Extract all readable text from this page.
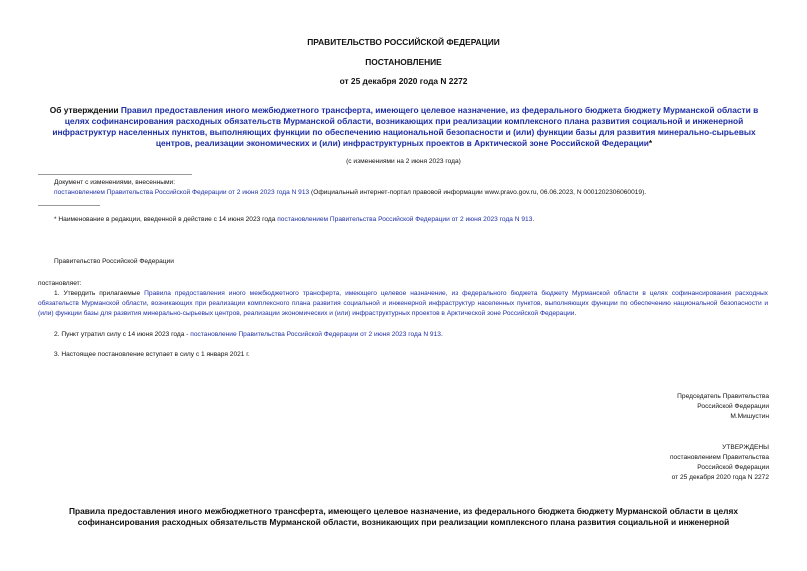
ПРАВИТЕЛЬСТВО РОССИЙСКОЙ ФЕДЕРАЦИИ
ПОСТАНОВЛЕНИЕ
от 25 декабря 2020 года N 2272
Об утверждении Правил предоставления иного межбюджетного трансферта, имеющего целевое назначение, из федерального бюджета бюджету Мурманской области в целях софинансирования расходных обязательств Мурманской области, возникающих при реализации комплексного плана развития социальной и инженерной инфраструктур населенных пунктов, выполняющих функции по обеспечению национальной безопасности и (или) функции базы для развития минерально-сырьевых центров, реализации экономических и (или) инфраструктурных проектов в Арктической зоне Российской Федерации*
(с изменениями на 2 июня 2023 года)
Документ с изменениями, внесенными:
постановлением Правительства Российской Федерации от 2 июня 2023 года N 913 (Официальный интернет-портал правовой информации www.pravo.gov.ru, 06.06.2023, N 0001202306060019).
* Наименование в редакции, введенной в действие с 14 июня 2023 года постановлением Правительства Российской Федерации от 2 июня 2023 года N 913.
Правительство Российской Федерации
постановляет:
1. Утвердить прилагаемые Правила предоставления иного межбюджетного трансферта, имеющего целевое назначение, из федерального бюджета бюджету Мурманской области в целях софинансирования расходных обязательств Мурманской области, возникающих при реализации комплексного плана развития социальной и инженерной инфраструктур населенных пунктов, выполняющих функции по обеспечению национальной безопасности и (или) функции базы для развития минерально-сырьевых центров, реализации экономических и (или) инфраструктурных проектов в Арктической зоне Российской Федерации.
2. Пункт утратил силу с 14 июня 2023 года - постановление Правительства Российской Федерации от 2 июня 2023 года N 913.
3. Настоящее постановление вступает в силу с 1 января 2021 г.
Председатель Правительства
Российской Федерации
М.Мишустин
УТВЕРЖДЕНЫ
постановлением Правительства
Российской Федерации
от 25 декабря 2020 года N 2272
Правила предоставления иного межбюджетного трансферта, имеющего целевое назначение, из федерального бюджета бюджету Мурманской области в целях софинансирования расходных обязательств Мурманской области, возникающих при реализации комплексного плана развития социальной и инженерной
